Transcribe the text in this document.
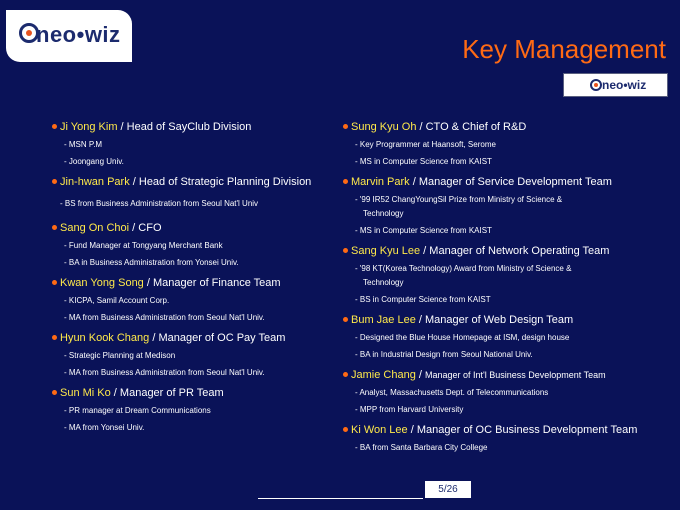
neo•wiz	Key Management
neo•wiz
Ji Yong Kim / Head of SayClub Division
- MSN P.M
- Joongang Univ.
Jin-hwan Park / Head of Strategic Planning Division
- BS from Business Administration from Seoul Nat'l Univ
Sang On Choi / CFO
- Fund Manager at Tongyang Merchant Bank
- BA in Business Administration from Yonsei Univ.
Kwan Yong Song / Manager of Finance Team
- KICPA, Samil Account Corp.
- MA from Business Administration from Seoul Nat'l Univ.
Hyun Kook Chang / Manager of OC Pay Team
- Strategic Planning at Medison
- MA from Business Administration from Seoul Nat'l Univ.
Sun Mi Ko / Manager of PR Team
- PR manager at Dream Communications
- MA from Yonsei Univ.
Sung Kyu Oh / CTO & Chief of R&D
- Key Programmer at Haansoft, Serome
- MS in Computer Science from KAIST
Marvin Park / Manager of Service Development Team
- '99 IR52 ChangYoungSil Prize from Ministry of Science &
Technology
- MS in Computer Science from KAIST
Sang Kyu Lee / Manager of Network Operating Team
- '98 KT(Korea Technology) Award from Ministry of Science &
Technology
- BS in Computer Science from KAIST
Bum Jae Lee / Manager of Web Design Team
- Designed the Blue House Homepage at ISM, design house
- BA in Industrial Design from Seoul National Univ.
Jamie Chang / Manager of Int'l Business Development Team
- Analyst, Massachusetts Dept. of Telecommunications
- MPP from Harvard University
Ki Won Lee / Manager of OC Business Development Team
- BA from Santa Barbara City College
5/26
